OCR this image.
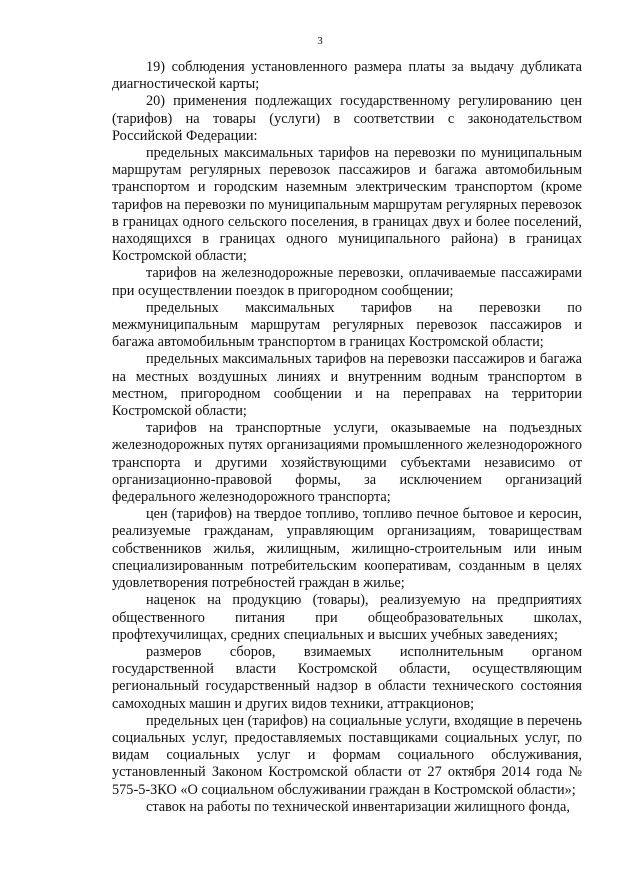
3

19) соблюдения установленного размера платы за выдачу дубликата диагностической карты;

20) применения подлежащих государственному регулированию цен (тарифов) на товары (услуги) в соответствии с законодательством Российской Федерации:

предельных максимальных тарифов на перевозки по муниципальным маршрутам регулярных перевозок пассажиров и багажа автомобильным транспортом и городским наземным электрическим транспортом (кроме тарифов на перевозки по муниципальным маршрутам регулярных перевозок в границах одного сельского поселения, в границах двух и более поселений, находящихся в границах одного муниципального района) в границах Костромской области;

тарифов на железнодорожные перевозки, оплачиваемые пассажирами при осуществлении поездок в пригородном сообщении;

предельных максимальных тарифов на перевозки по межмуниципальным маршрутам регулярных перевозок пассажиров и багажа автомобильным транспортом в границах Костромской области;

предельных максимальных тарифов на перевозки пассажиров и багажа на местных воздушных линиях и внутренним водным транспортом в местном, пригородном сообщении и на переправах на территории Костромской области;

тарифов на транспортные услуги, оказываемые на подъездных железнодорожных путях организациями промышленного железнодорожного транспорта и другими хозяйствующими субъектами независимо от организационно-правовой формы, за исключением организаций федерального железнодорожного транспорта;

цен (тарифов) на твердое топливо, топливо печное бытовое и керосин, реализуемые гражданам, управляющим организациям, товариществам собственников жилья, жилищным, жилищно-строительным или иным специализированным потребительским кооперативам, созданным в целях удовлетворения потребностей граждан в жилье;

наценок на продукцию (товары), реализуемую на предприятиях общественного питания при общеобразовательных школах, профтехучилищах, средних специальных и высших учебных заведениях;

размеров сборов, взимаемых исполнительным органом государственной власти Костромской области, осуществляющим региональный государственный надзор в области технического состояния самоходных машин и других видов техники, аттракционов;

предельных цен (тарифов) на социальные услуги, входящие в перечень социальных услуг, предоставляемых поставщиками социальных услуг, по видам социальных услуг и формам социального обслуживания, установленный Законом Костромской области от 27 октября 2014 года № 575-5-ЗКО «О социальном обслуживании граждан в Костромской области»;

ставок на работы по технической инвентаризации жилищного фонда,
